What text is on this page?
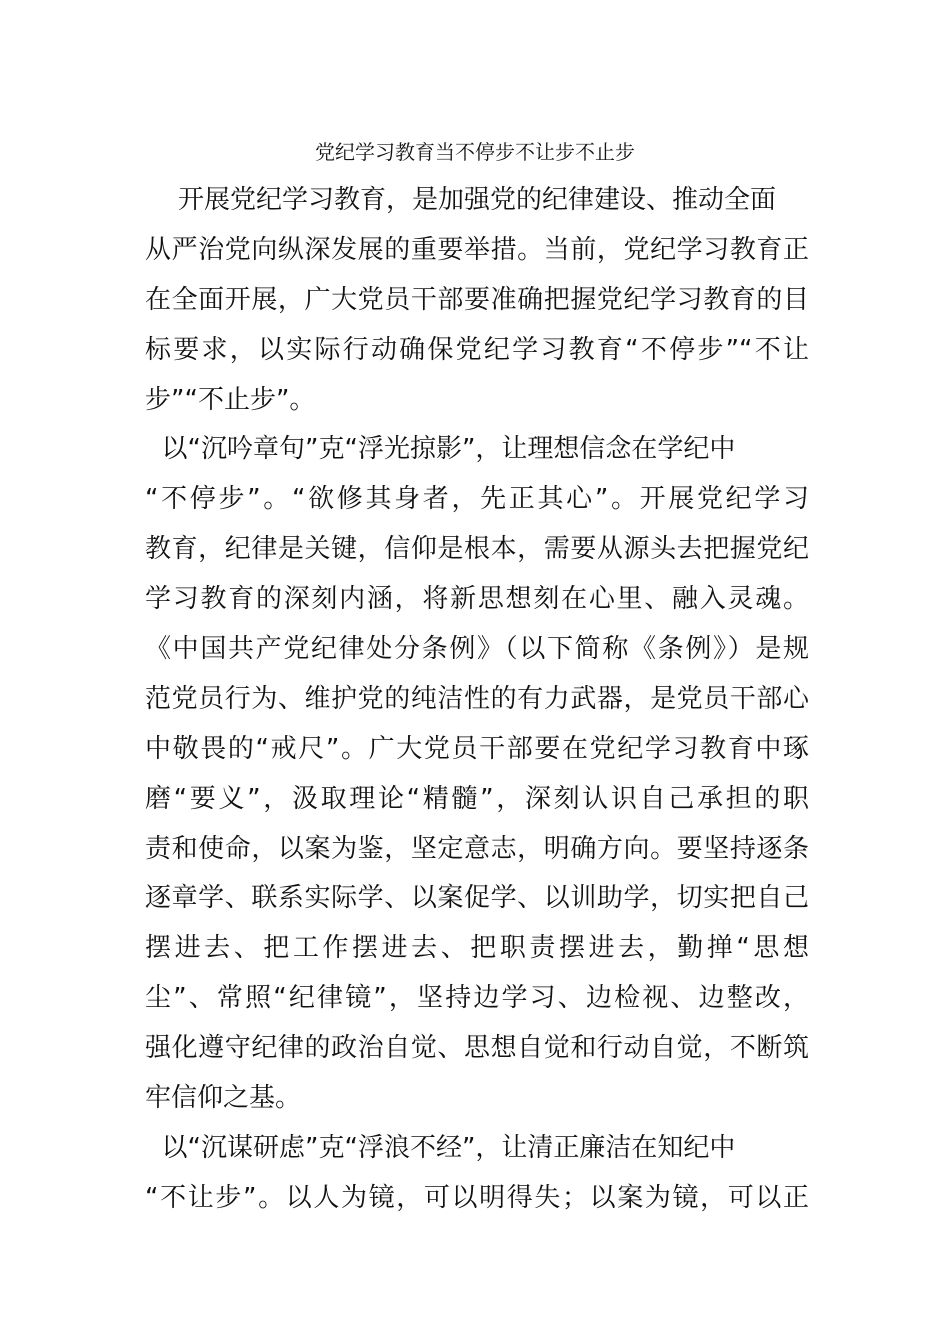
党纪学习教育当不停步不让步不止步
开展党纪学习教育，是加强党的纪律建设、推动全面
从严治党向纵深发展的重要举措。当前，党纪学习教育正
在全面开展，广大党员干部要准确把握党纪学习教育的目
标要求，以实际行动确保党纪学习教育“不停步”“不让
步”“不止步”。
以“沉吟章句”克“浮光掠影”，让理想信念在学纪中
“不停步”。“欲修其身者，先正其心”。开展党纪学习
教育，纪律是关键，信仰是根本，需要从源头去把握党纪
学习教育的深刻内涵，将新思想刻在心里、融入灵魂。
《中国共产党纪律处分条例》（以下简称《条例》）是规
范党员行为、维护党的纯洁性的有力武器，是党员干部心
中敬畏的“戒尺”。广大党员干部要在党纪学习教育中琢
磨“要义”，汲取理论“精髓”，深刻认识自己承担的职
责和使命，以案为鉴，坚定意志，明确方向。要坚持逐条
逐章学、联系实际学、以案促学、以训助学，切实把自己
摆进去、把工作摆进去、把职责摆进去，勤掸“思想
尘”、常照“纪律镜”，坚持边学习、边检视、边整改，
强化遵守纪律的政治自觉、思想自觉和行动自觉，不断筑
牢信仰之基。
以“沉谋研虑”克“浮浪不经”，让清正廉洁在知纪中
“不让步”。以人为镜，可以明得失；以案为镜，可以正
